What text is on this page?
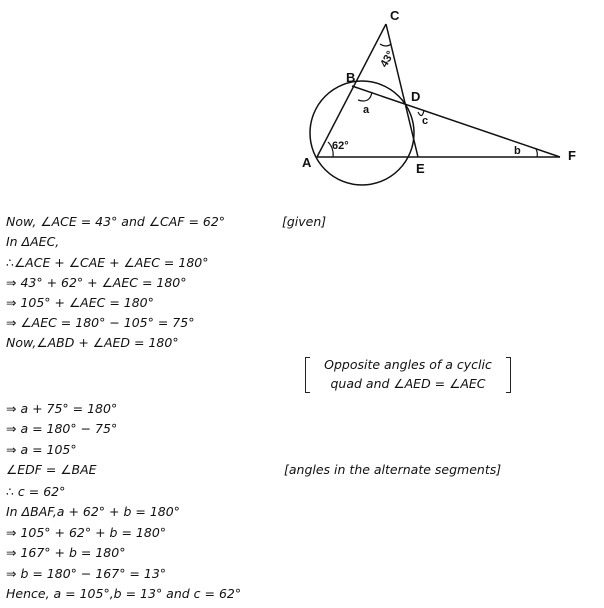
C
B
D
A	E
F
62°
43°
a
c
b
Now, ∠ACE = 43° and ∠CAF = 62°	[given]
In ΔAEC,
∴∠ACE + ∠CAE + ∠AEC = 180°
⇒ 43° + 62° + ∠AEC = 180°
⇒ 105° + ∠AEC = 180°
⇒ ∠AEC = 180° − 105° = 75°
Now,∠ABD + ∠AED = 180°
Opposite angles of a cyclic
quad and ∠AED = ∠AEC
⇒ a + 75° = 180°
⇒ a = 180° − 75°
⇒ a = 105°
∠EDF = ∠BAE	[angles in the alternate segments]
∴ c = 62°
In ΔBAF,a + 62° + b = 180°
⇒ 105° + 62° + b = 180°
⇒ 167° + b = 180°
⇒ b = 180° − 167° = 13°
Hence, a = 105°,b = 13° and c = 62°
